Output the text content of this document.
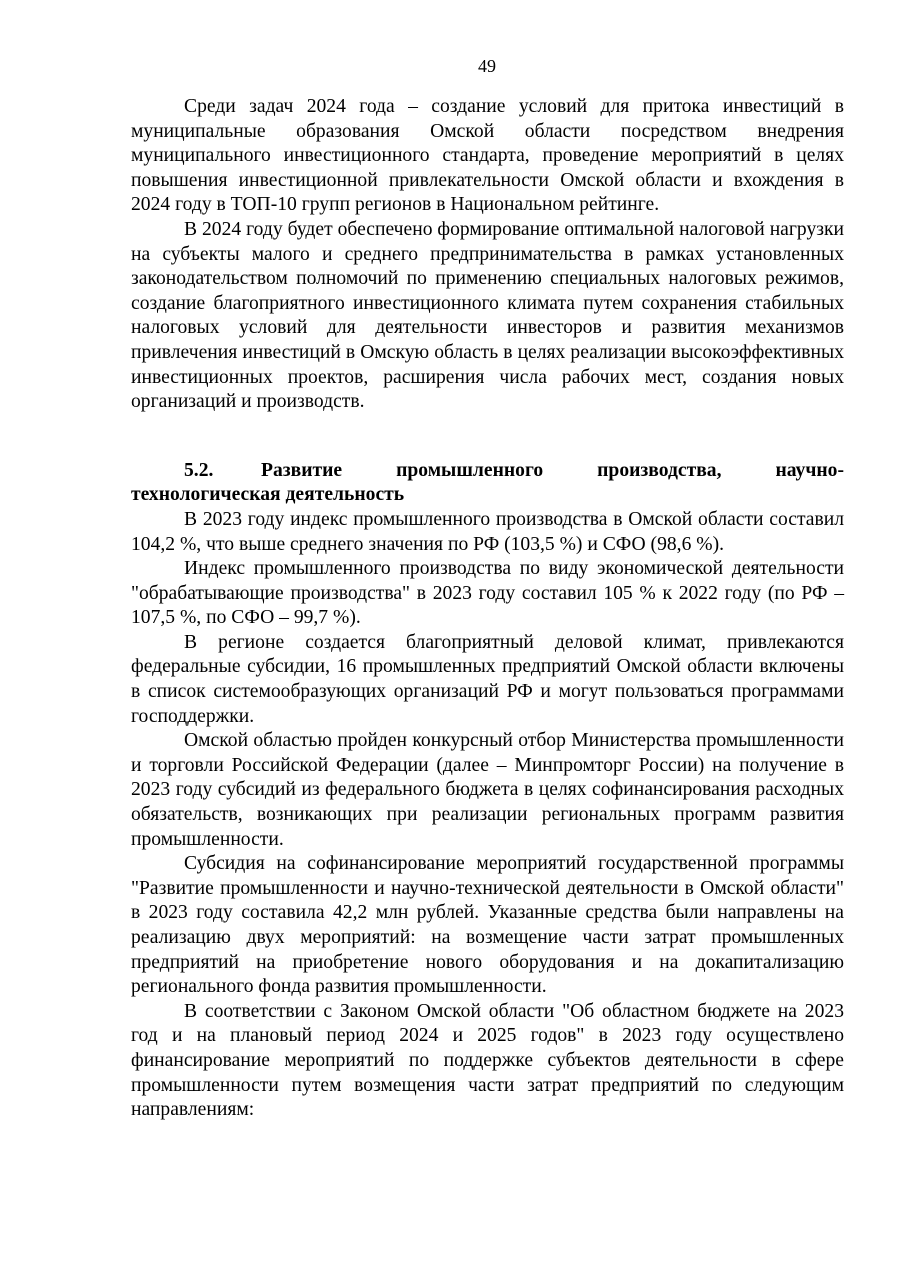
49

Среди задач 2024 года – создание условий для притока инвестиций в муниципальные образования Омской области посредством внедрения муниципального инвестиционного стандарта, проведение мероприятий в целях повышения инвестиционной привлекательности Омской области и вхождения в 2024 году в ТОП-10 групп регионов в Национальном рейтинге.

В 2024 году будет обеспечено формирование оптимальной налоговой нагрузки на субъекты малого и среднего предпринимательства в рамках установленных законодательством полномочий по применению специальных налоговых режимов, создание благоприятного инвестиционного климата путем сохранения стабильных налоговых условий для деятельности инвесторов и развития механизмов привлечения инвестиций в Омскую область в целях реализации высокоэффективных инвестиционных проектов, расширения числа рабочих мест, создания новых организаций и производств.

5.2. Развитие промышленного производства, научно-технологическая деятельность

В 2023 году индекс промышленного производства в Омской области составил 104,2 %, что выше среднего значения по РФ (103,5 %) и СФО (98,6 %).

Индекс промышленного производства по виду экономической деятельности "обрабатывающие производства" в 2023 году составил 105 % к 2022 году (по РФ – 107,5 %, по СФО – 99,7 %).

В регионе создается благоприятный деловой климат, привлекаются федеральные субсидии, 16 промышленных предприятий Омской области включены в список системообразующих организаций РФ и могут пользоваться программами господдержки.

Омской областью пройден конкурсный отбор Министерства промышленности и торговли Российской Федерации (далее – Минпромторг России) на получение в 2023 году субсидий из федерального бюджета в целях софинансирования расходных обязательств, возникающих при реализации региональных программ развития промышленности.

Субсидия на софинансирование мероприятий государственной программы "Развитие промышленности и научно-технической деятельности в Омской области" в 2023 году составила 42,2 млн рублей. Указанные средства были направлены на реализацию двух мероприятий: на возмещение части затрат промышленных предприятий на приобретение нового оборудования и на докапитализацию регионального фонда развития промышленности.

В соответствии с Законом Омской области "Об областном бюджете на 2023 год и на плановый период 2024 и 2025 годов" в 2023 году осуществлено финансирование мероприятий по поддержке субъектов деятельности в сфере промышленности путем возмещения части затрат предприятий по следующим направлениям:
